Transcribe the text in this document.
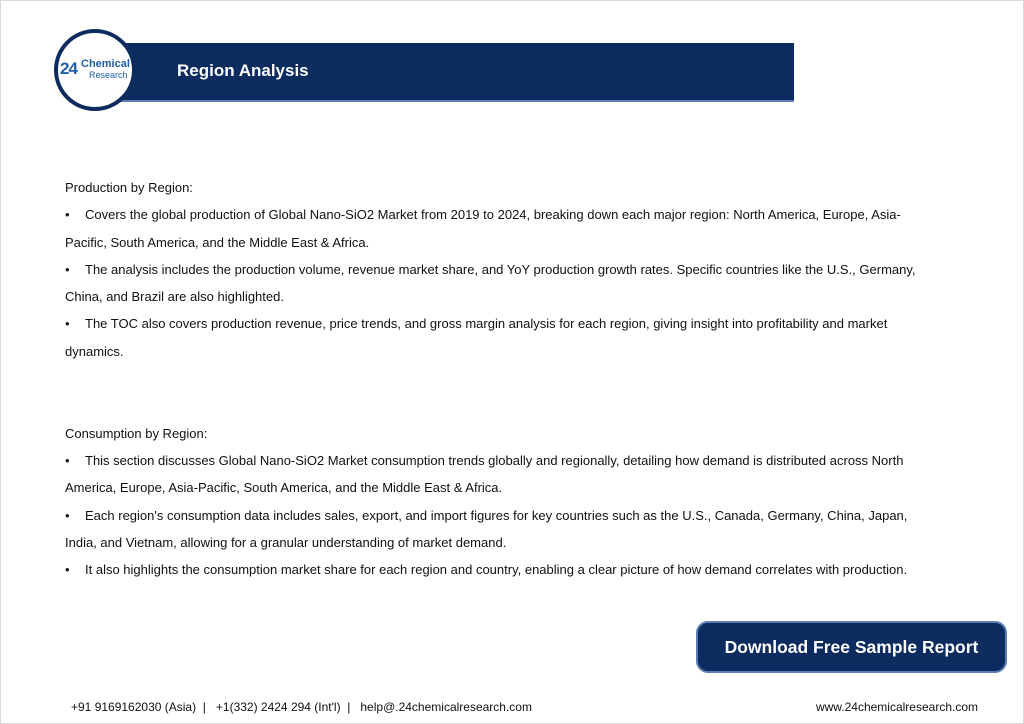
Region Analysis
24 Chemical
Research

Production by Region:

• Covers the global production of Global Nano-SiO2 Market from 2019 to 2024, breaking down each major region: North America, Europe, Asia-Pacific, South America, and the Middle East & Africa.

• The analysis includes the production volume, revenue market share, and YoY production growth rates. Specific countries like the U.S., Germany, China, and Brazil are also highlighted.

• The TOC also covers production revenue, price trends, and gross margin analysis for each region, giving insight into profitability and market dynamics.

Consumption by Region:

• This section discusses Global Nano-SiO2 Market consumption trends globally and regionally, detailing how demand is distributed across North America, Europe, Asia-Pacific, South America, and the Middle East & Africa.

• Each region's consumption data includes sales, export, and import figures for key countries such as the U.S., Canada, Germany, China, Japan, India, and Vietnam, allowing for a granular understanding of market demand.

• It also highlights the consumption market share for each region and country, enabling a clear picture of how demand correlates with production.

Download Free Sample Report
+91 9169162030 (Asia)  |   +1(332) 2424 294 (Int'l)  |   help@.24chemicalresearch.com	www.24chemicalresearch.com
